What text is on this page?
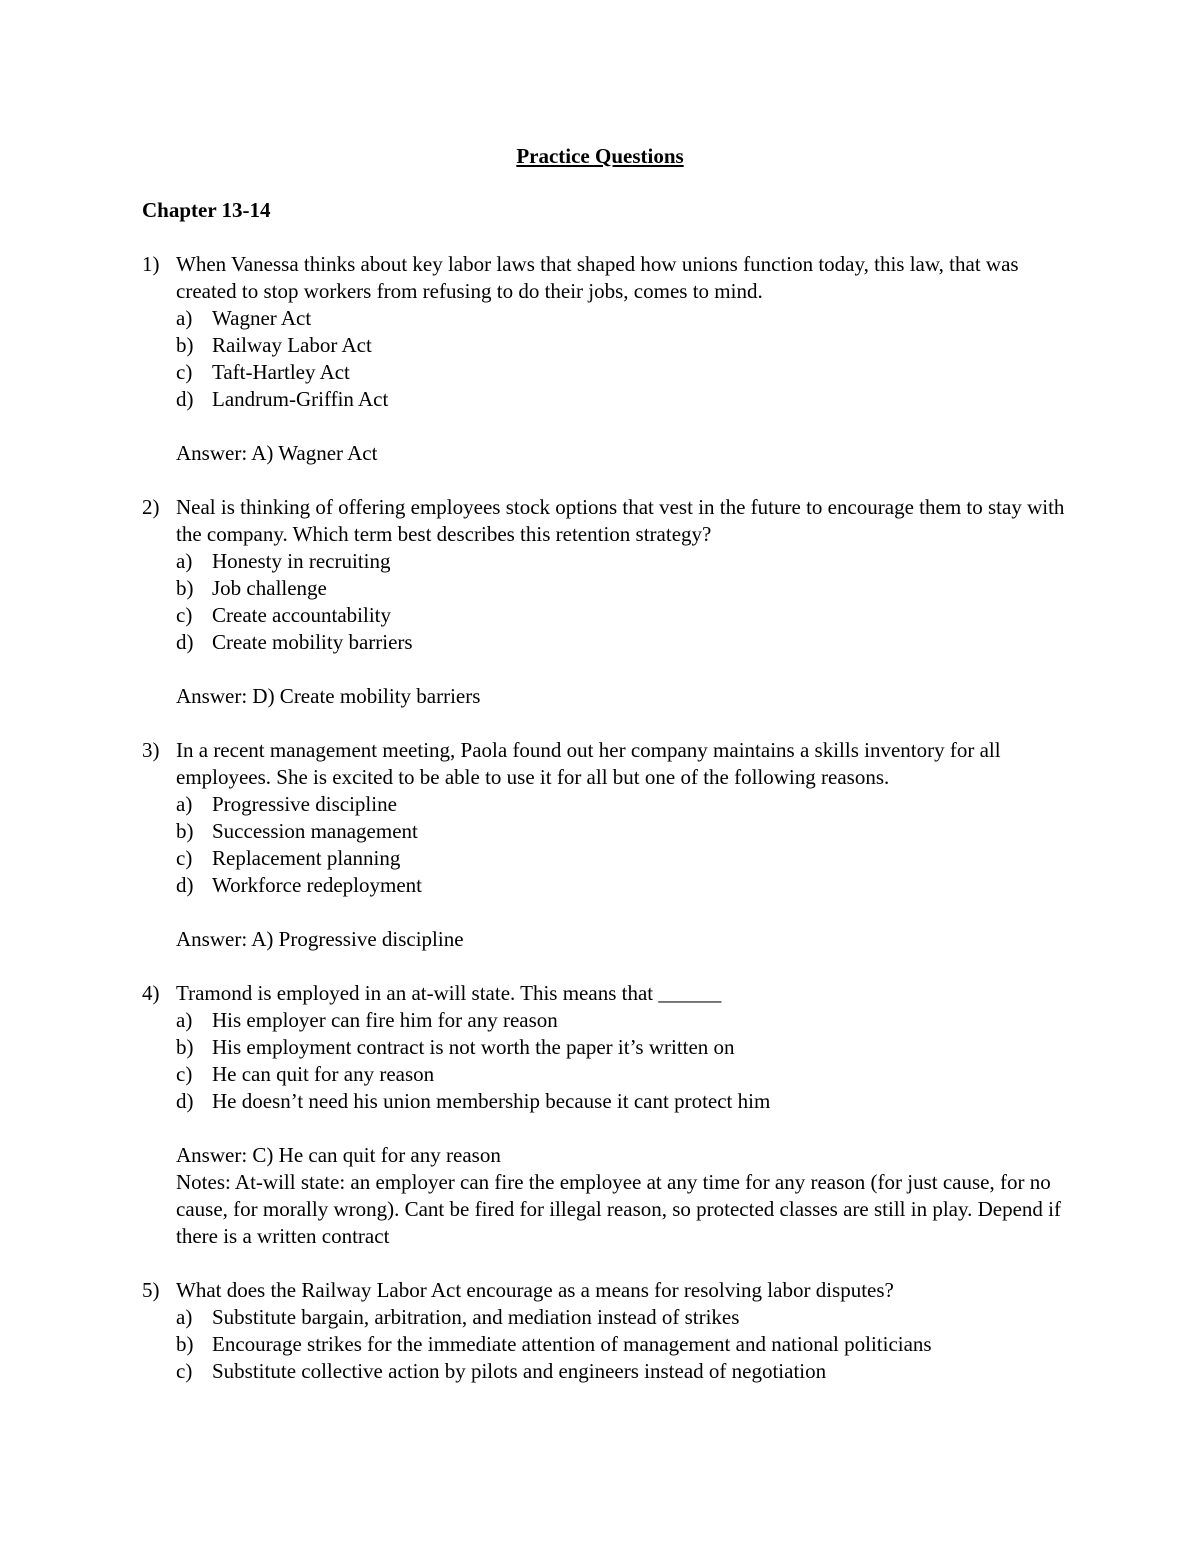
Practice Questions
Chapter 13-14
1) When Vanessa thinks about key labor laws that shaped how unions function today, this law, that was created to stop workers from refusing to do their jobs, comes to mind.
a) Wagner Act
b) Railway Labor Act
c) Taft-Hartley Act
d) Landrum-Griffin Act
Answer: A) Wagner Act
2) Neal is thinking of offering employees stock options that vest in the future to encourage them to stay with the company. Which term best describes this retention strategy?
a) Honesty in recruiting
b) Job challenge
c) Create accountability
d) Create mobility barriers
Answer: D) Create mobility barriers
3) In a recent management meeting, Paola found out her company maintains a skills inventory for all employees. She is excited to be able to use it for all but one of the following reasons.
a) Progressive discipline
b) Succession management
c) Replacement planning
d) Workforce redeployment
Answer: A) Progressive discipline
4) Tramond is employed in an at-will state. This means that ______
a) His employer can fire him for any reason
b) His employment contract is not worth the paper it’s written on
c) He can quit for any reason
d) He doesn’t need his union membership because it cant protect him
Answer: C) He can quit for any reason
Notes: At-will state: an employer can fire the employee at any time for any reason (for just cause, for no cause, for morally wrong). Cant be fired for illegal reason, so protected classes are still in play. Depend if there is a written contract
5) What does the Railway Labor Act encourage as a means for resolving labor disputes?
a) Substitute bargain, arbitration, and mediation instead of strikes
b) Encourage strikes for the immediate attention of management and national politicians
c) Substitute collective action by pilots and engineers instead of negotiation
